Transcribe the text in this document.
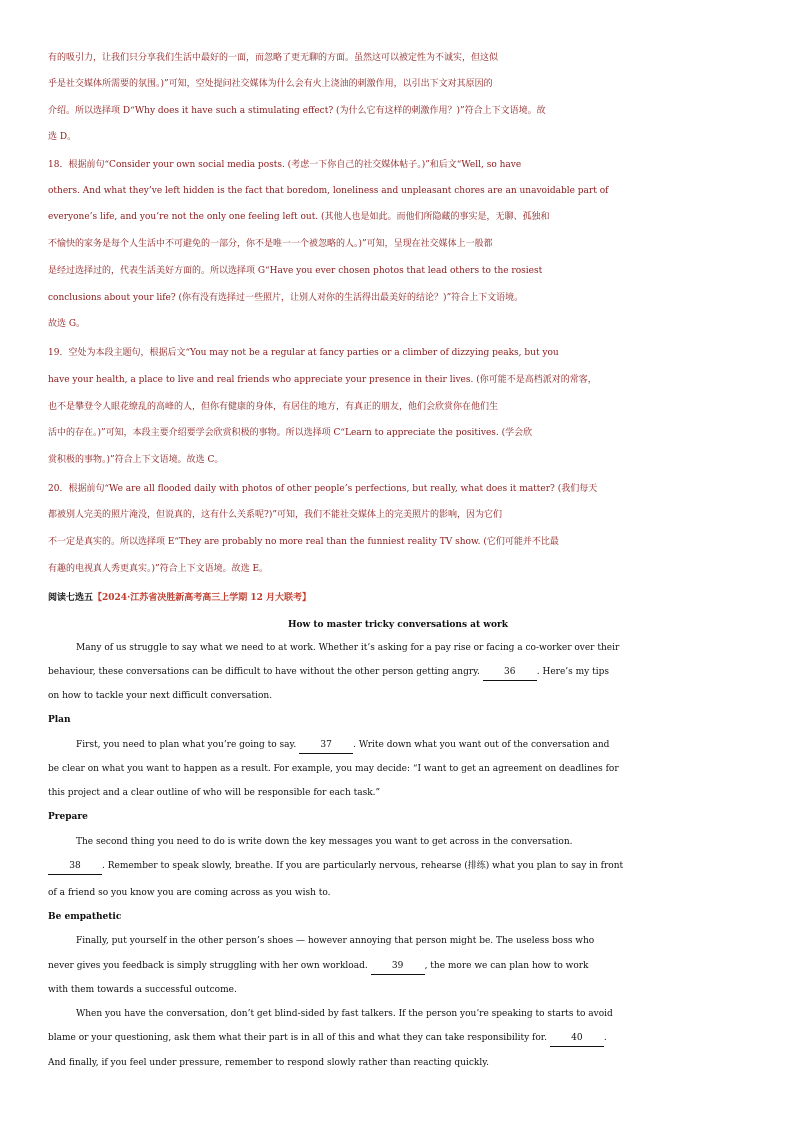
有的吸引力，让我们只分享我们生活中最好的一面，而忽略了更无聊的方面。虽然这可以被定性为不诚实，但这似
乎是社交媒体所需要的氛围。)”可知，空处提问社交媒体为什么会有火上浇油的刺激作用，以引出下文对其原因的
介绍。所以选择项 D“Why does it have such a stimulating effect? (为什么它有这样的刺激作用？)”符合上下文语境。故
选 D。
18．根据前句“Consider your own social media posts. (考虑一下你自己的社交媒体帖子。)”和后文“Well, so have
others. And what they’ve left hidden is the fact that boredom, loneliness and unpleasant chores are an unavoidable part of
everyone’s life, and you’re not the only one feeling left out. (其他人也是如此。而他们所隐藏的事实是，无聊、孤独和
不愉快的家务是每个人生活中不可避免的一部分，你不是唯一一个被忽略的人。)”可知，呈现在社交媒体上一般都
是经过选择过的，代表生活美好方面的。所以选择项 G“Have you ever chosen photos that lead others to the rosiest
conclusions about your life? (你有没有选择过一些照片，让别人对你的生活得出最美好的结论？)”符合上下文语境。
故选 G。
19．空处为本段主题句，根据后文“You may not be a regular at fancy parties or a climber of dizzying peaks, but you
have your health, a place to live and real friends who appreciate your presence in their lives. (你可能不是高档派对的常客，
也不是攀登令人眼花缭乱的高峰的人，但你有健康的身体，有居住的地方，有真正的朋友，他们会欣赏你在他们生
活中的存在。)”可知，本段主要介绍要学会欣赏积极的事物。所以选择项 C“Learn to appreciate the positives. (学会欣
赏积极的事物。)”符合上下文语境。故选 C。
20．根据前句“We are all flooded daily with photos of other people’s perfections, but really, what does it matter? (我们每天
都被别人完美的照片淹没，但说真的，这有什么关系呢?)”可知，我们不能社交媒体上的完美照片的影响，因为它们
不一定是真实的。所以选择项 E“They are probably no more real than the funniest reality TV show. (它们可能并不比最
有趣的电视真人秀更真实。)”符合上下文语境。故选 E。
阅读七选五【2024·江苏省决胜新高考高三上学期 12 月大联考】
How to master tricky conversations at work
Many of us struggle to say what we need to at work. Whether it’s asking for a pay rise or facing a co-worker over their
behaviour, these conversations can be difficult to have without the other person getting angry.	36 . Here’s my tips
on how to tackle your next difficult conversation.
Plan
First, you need to plan what you’re going to say.	37 . Write down what you want out of the conversation and
be clear on what you want to happen as a result. For example, you may decide: “I want to get an agreement on deadlines for
this project and a clear outline of who will be responsible for each task.”
Prepare
The second thing you need to do is write down the key messages you want to get across in the conversation.
38 . Remember to speak slowly, breathe. If you are particularly nervous, rehearse (排练) what you plan to say in front
of a friend so you know you are coming across as you wish to.
Be empathetic
Finally, put yourself in the other person’s shoes — however annoying that person might be. The useless boss who
never gives you feedback is simply struggling with her own workload.	39 , the more we can plan how to work
with them towards a successful outcome.
When you have the conversation, don’t get blind-sided by fast talkers. If the person you’re speaking to starts to avoid
blame or your questioning, ask them what their part is in all of this and what they can take responsibility for.	40 .
And finally, if you feel under pressure, remember to respond slowly rather than reacting quickly.
